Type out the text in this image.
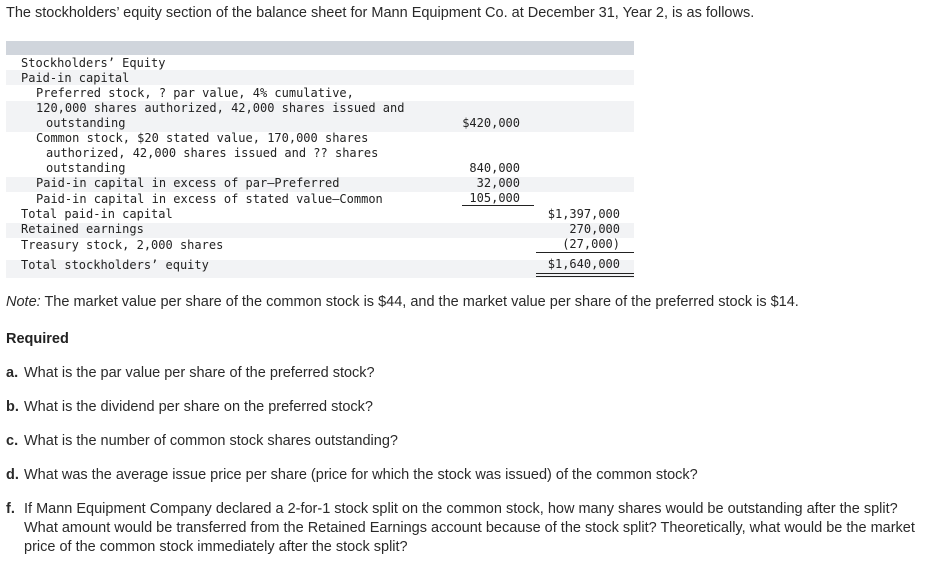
The stockholders’ equity section of the balance sheet for Mann Equipment Co. at December 31, Year 2, is as follows.
Stockholders’ Equity
Paid-in capital
Preferred stock, ? par value, 4% cumulative,
120,000 shares authorized, 42,000 shares issued and
outstanding
Common stock, $20 stated value, 170,000 shares
authorized, 42,000 shares issued and ?? shares
outstanding
Paid-in capital in excess of par—Preferred
Paid-in capital in excess of stated value—Common
Total paid-in capital
Retained earnings
Treasury stock, 2,000 shares
Total stockholders’ equity
$420,000
840,000
32,000
105,000
$1,397,000
270,000
(27,000)
$1,640,000
Note: The market value per share of the common stock is $44, and the market value per share of the preferred stock is $14.
Required
a. What is the par value per share of the preferred stock?
b. What is the dividend per share on the preferred stock?
c. What is the number of common stock shares outstanding?
d. What was the average issue price per share (price for which the stock was issued) of the common stock?
f. If Mann Equipment Company declared a 2-for-1 stock split on the common stock, how many shares would be outstanding after the split? What amount would be transferred from the Retained Earnings account because of the stock split? Theoretically, what would be the market price of the common stock immediately after the stock split?
